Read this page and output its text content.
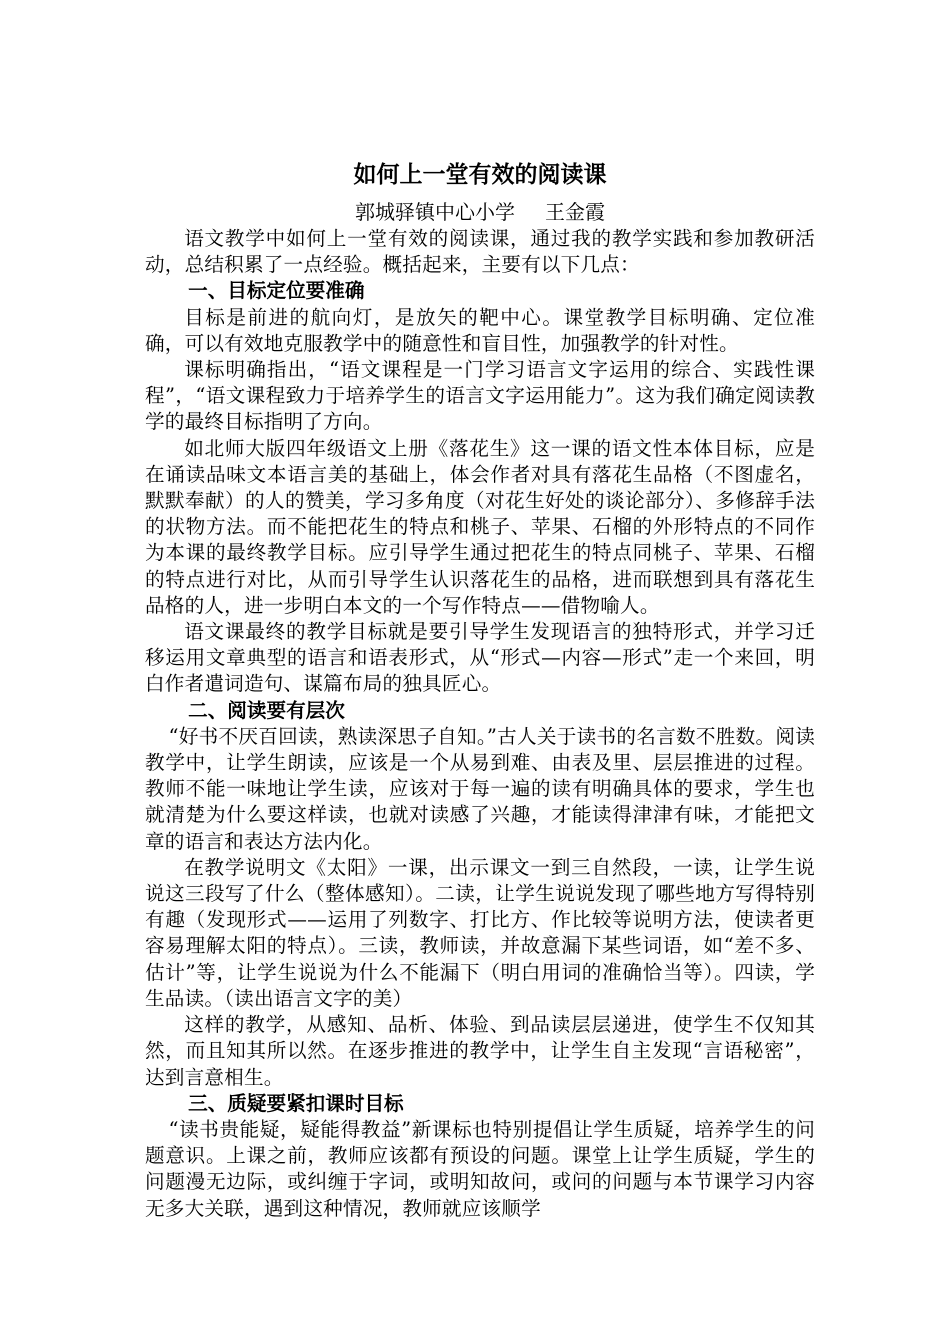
如何上一堂有效的阅读课

郭城驿镇中心小学 王金霞

语文教学中如何上一堂有效的阅读课，通过我的教学实践和参加教研活动，总结积累了一点经验。概括起来，主要有以下几点：

一、目标定位要准确

目标是前进的航向灯，是放矢的靶中心。课堂教学目标明确、定位准确，可以有效地克服教学中的随意性和盲目性，加强教学的针对性。

课标明确指出，“语文课程是一门学习语言文字运用的综合、实践性课程”，“语文课程致力于培养学生的语言文字运用能力”。这为我们确定阅读教学的最终目标指明了方向。

如北师大版四年级语文上册《落花生》这一课的语文性本体目标，应是在诵读品味文本语言美的基础上，体会作者对具有落花生品格（不图虚名，默默奉献）的人的赞美，学习多角度（对花生好处的谈论部分）、多修辞手法的状物方法。而不能把花生的特点和桃子、苹果、石榴的外形特点的不同作为本课的最终教学目标。应引导学生通过把花生的特点同桃子、苹果、石榴的特点进行对比，从而引导学生认识落花生的品格，进而联想到具有落花生品格的人，进一步明白本文的一个写作特点——借物喻人。

语文课最终的教学目标就是要引导学生发现语言的独特形式，并学习迁移运用文章典型的语言和语表形式，从“形式—内容—形式”走一个来回，明白作者遣词造句、谋篇布局的独具匠心。

二、阅读要有层次

“好书不厌百回读，熟读深思子自知。”古人关于读书的名言数不胜数。阅读教学中，让学生朗读，应该是一个从易到难、由表及里、层层推进的过程。教师不能一味地让学生读，应该对于每一遍的读有明确具体的要求，学生也就清楚为什么要这样读，也就对读感了兴趣，才能读得津津有味，才能把文章的语言和表达方法内化。

在教学说明文《太阳》一课，出示课文一到三自然段，一读，让学生说说这三段写了什么（整体感知）。二读，让学生说说发现了哪些地方写得特别有趣（发现形式——运用了列数字、打比方、作比较等说明方法，使读者更容易理解太阳的特点）。三读，教师读，并故意漏下某些词语，如“差不多、估计”等，让学生说说为什么不能漏下（明白用词的准确恰当等）。四读，学生品读。（读出语言文字的美）

这样的教学，从感知、品析、体验、到品读层层递进，使学生不仅知其然，而且知其所以然。在逐步推进的教学中，让学生自主发现“言语秘密”，达到言意相生。

三、质疑要紧扣课时目标

“读书贵能疑，疑能得教益”新课标也特别提倡让学生质疑，培养学生的问题意识。上课之前，教师应该都有预设的问题。课堂上让学生质疑，学生的问题漫无边际，或纠缠于字词，或明知故问，或问的问题与本节课学习内容无多大关联，遇到这种情况，教师就应该顺学
